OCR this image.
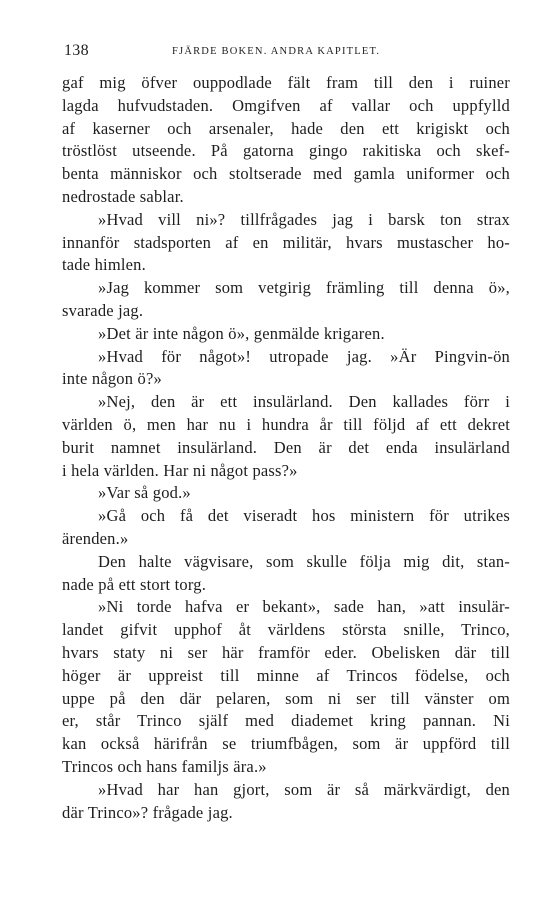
138	FJÄRDE BOKEN. ANDRA KAPITLET.
gaf mig öfver ouppodlade fält fram till den i ruiner
lagda hufvudstaden. Omgifven af vallar och uppfylld
af kaserner och arsenaler, hade den ett krigiskt och
tröstlöst utseende. På gatorna gingo rakitiska och skef-
benta människor och stoltserade med gamla uniformer och
nedrostade sablar.
»Hvad vill ni»? tillfrågades jag i barsk ton strax
innanför stadsporten af en militär, hvars mustascher ho-
tade himlen.
»Jag kommer som vetgirig främling till denna ö»,
svarade jag.
»Det är inte någon ö», genmälde krigaren.
»Hvad för något»! utropade jag. »Är Pingvin-ön
inte någon ö?»
»Nej, den är ett insulärland. Den kallades förr i
världen ö, men har nu i hundra år till följd af ett dekret
burit namnet insulärland. Den är det enda insulärland
i hela världen. Har ni något pass?»
»Var så god.»
»Gå och få det viseradt hos ministern för utrikes
ärenden.»
Den halte vägvisare, som skulle följa mig dit, stan-
nade på ett stort torg.
»Ni torde hafva er bekant», sade han, »att insulär-
landet gifvit upphof åt världens största snille, Trinco,
hvars staty ni ser här framför eder. Obelisken där till
höger är uppreist till minne af Trincos födelse, och
uppe på den där pelaren, som ni ser till vänster om
er, står Trinco själf med diademet kring pannan. Ni
kan också härifrån se triumfbågen, som är uppförd till
Trincos och hans familjs ära.»
»Hvad har han gjort, som är så märkvärdigt, den
där Trinco»? frågade jag.
